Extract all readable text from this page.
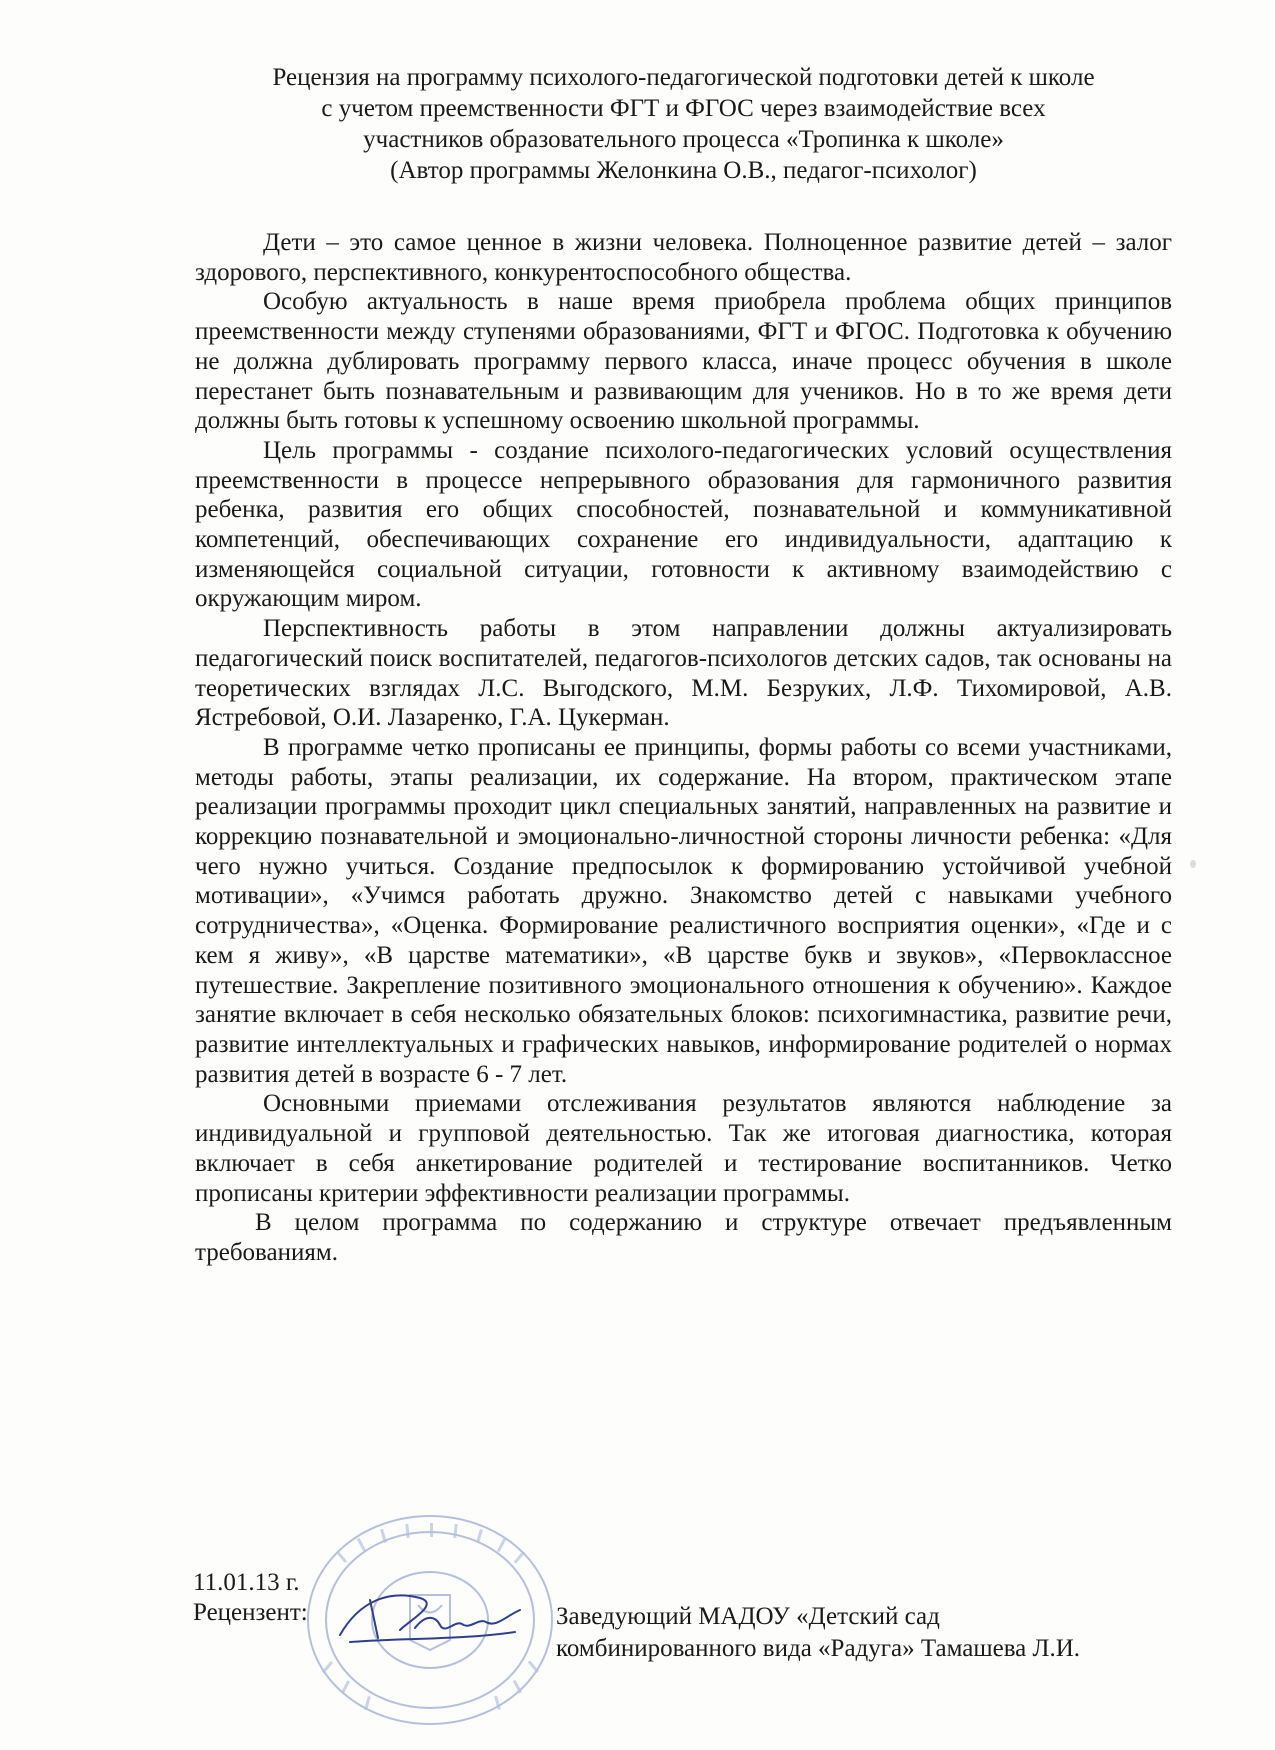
Рецензия на программу психолого-педагогической подготовки детей к школе
с учетом преемственности ФГТ и ФГОС через взаимодействие всех
участников образовательного процесса «Тропинка к школе»
(Автор программы Желонкина О.В., педагог-психолог)

Дети – это самое ценное в жизни человека. Полноценное развитие детей – залог здорового, перспективного, конкурентоспособного общества.

Особую актуальность в наше время приобрела проблема общих принципов преемственности между ступенями образованиями, ФГТ и ФГОС. Подготовка к обучению не должна дублировать программу первого класса, иначе процесс обучения в школе перестанет быть познавательным и развивающим для учеников. Но в то же время дети должны быть готовы к успешному освоению школьной программы.

Цель программы - создание психолого-педагогических условий осуществления преемственности в процессе непрерывного образования для гармоничного развития ребенка, развития его общих способностей, познавательной и коммуникативной компетенций, обеспечивающих сохранение его индивидуальности, адаптацию к изменяющейся социальной ситуации, готовности к активному взаимодействию с окружающим миром.

Перспективность работы в этом направлении должны актуализировать педагогический поиск воспитателей, педагогов-психологов детских садов, так основаны на теоретических взглядах Л.С. Выгодского, М.М. Безруких, Л.Ф. Тихомировой, А.В. Ястребовой, О.И. Лазаренко, Г.А. Цукерман.

В программе четко прописаны ее принципы, формы работы со всеми участниками, методы работы, этапы реализации, их содержание. На втором, практическом этапе реализации программы проходит цикл специальных занятий, направленных на развитие и коррекцию познавательной и эмоционально-личностной стороны личности ребенка: «Для чего нужно учиться. Создание предпосылок к формированию устойчивой учебной мотивации», «Учимся работать дружно. Знакомство детей с навыками учебного сотрудничества», «Оценка. Формирование реалистичного восприятия оценки», «Где и с кем я живу», «В царстве математики», «В царстве букв и звуков», «Первоклассное путешествие. Закрепление позитивного эмоционального отношения к обучению». Каждое занятие включает в себя несколько обязательных блоков: психогимнастика, развитие речи, развитие интеллектуальных и графических навыков, информирование родителей о нормах развития детей в возрасте 6 - 7 лет.

Основными приемами отслеживания результатов являются наблюдение за индивидуальной и групповой деятельностью. Так же итоговая диагностика, которая включает в себя анкетирование родителей и тестирование воспитанников. Четко прописаны критерии эффективности реализации программы.

В целом программа по содержанию и структуре отвечает предъявленным требованиям.

11.01.13 г.
Рецензент:	Заведующий МАДОУ «Детский сад
комбинированного вида «Радуга» Тамашева Л.И.
